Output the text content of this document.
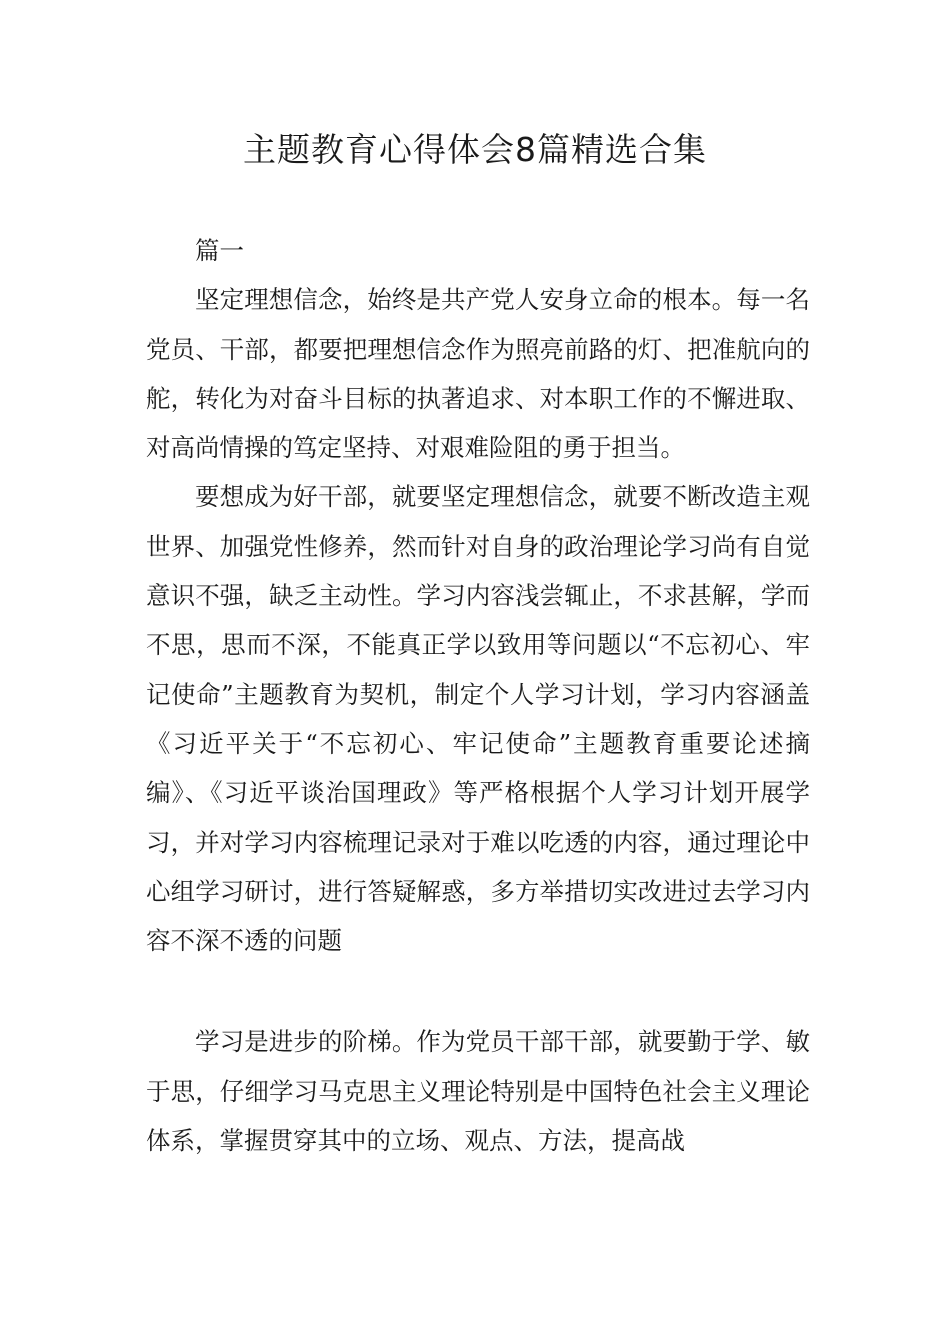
主题教育心得体会8篇精选合集

篇一

坚定理想信念，始终是共产党人安身立命的根本。每一名党员、干部，都要把理想信念作为照亮前路的灯、把准航向的舵，转化为对奋斗目标的执著追求、对本职工作的不懈进取、对高尚情操的笃定坚持、对艰难险阻的勇于担当。

要想成为好干部，就要坚定理想信念，就要不断改造主观世界、加强党性修养，然而针对自身的政治理论学习尚有自觉意识不强，缺乏主动性。学习内容浅尝辄止，不求甚解，学而不思，思而不深，不能真正学以致用等问题以“不忘初心、牢记使命”主题教育为契机，制定个人学习计划，学习内容涵盖《习近平关于“不忘初心、牢记使命”主题教育重要论述摘编》、《习近平谈治国理政》等严格根据个人学习计划开展学习，并对学习内容梳理记录对于难以吃透的内容，通过理论中心组学习研讨，进行答疑解惑，多方举措切实改进过去学习内容不深不透的问题

学习是进步的阶梯。作为党员干部干部，就要勤于学、敏于思，仔细学习马克思主义理论特别是中国特色社会主义理论体系，掌握贯穿其中的立场、观点、方法，提高战
